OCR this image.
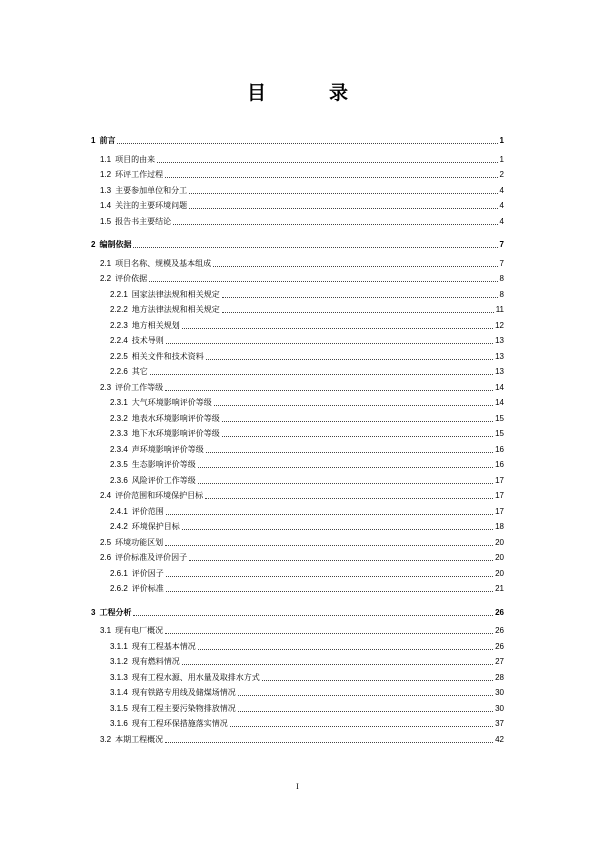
目　录
1 前言	1
1.1 项目的由来	1
1.2 环评工作过程	2
1.3 主要参加单位和分工	4
1.4 关注的主要环境问题	4
1.5 报告书主要结论	4
2 编制依据	7
2.1 项目名称、规模及基本组成	7
2.2 评价依据	8
2.2.1 国家法律法规和相关规定	8
2.2.2 地方法律法规和相关规定	11
2.2.3 地方相关规划	12
2.2.4 技术导则	13
2.2.5 相关文件和技术资料	13
2.2.6 其它	13
2.3 评价工作等级	14
2.3.1 大气环境影响评价等级	14
2.3.2 地表水环境影响评价等级	15
2.3.3 地下水环境影响评价等级	15
2.3.4 声环境影响评价等级	16
2.3.5 生态影响评价等级	16
2.3.6 风险评价工作等级	17
2.4 评价范围和环境保护目标	17
2.4.1 评价范围	17
2.4.2 环境保护目标	18
2.5 环境功能区划	20
2.6 评价标准及评价因子	20
2.6.1 评价因子	20
2.6.2 评价标准	21
3 工程分析	26
3.1 现有电厂概况	26
3.1.1 现有工程基本情况	26
3.1.2 现有燃料情况	27
3.1.3 现有工程水源、用水量及取排水方式	28
3.1.4 现有铁路专用线及储煤场情况	30
3.1.5 现有工程主要污染物排放情况	30
3.1.6 现有工程环保措施落实情况	37
3.2 本期工程概况	42
I
